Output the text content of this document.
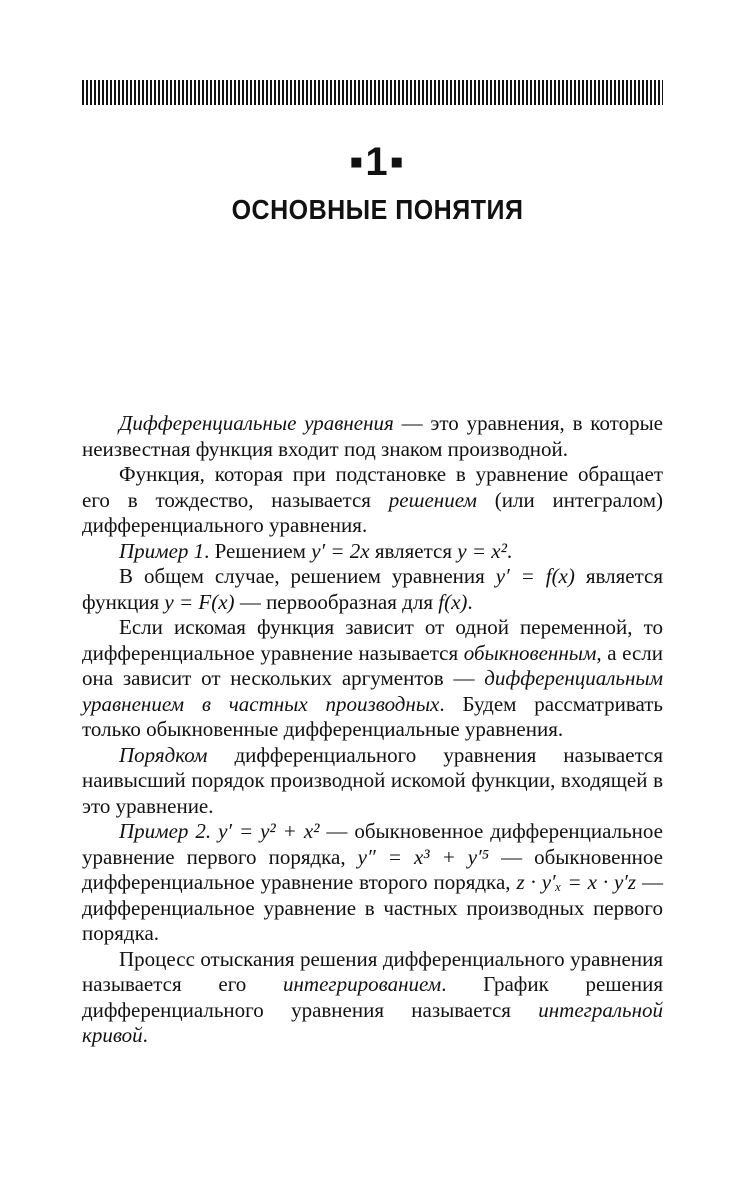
▪1▪
ОСНОВНЫЕ ПОНЯТИЯ

Дифференциальные уравнения — это уравнения, в которые неизвестная функция входит под знаком производной.

Функция, которая при подстановке в уравнение обращает его в тождество, называется решением (или интегралом) дифференциального уравнения.

Пример 1. Решением y′ = 2x является y = x².

В общем случае, решением уравнения y′ = f(x) является функция y = F(x) — первообразная для f(x).

Если искомая функция зависит от одной переменной, то дифференциальное уравнение называется обыкновенным, а если она зависит от нескольких аргументов — дифференциальным уравнением в частных производных. Будем рассматривать только обыкновенные дифференциальные уравнения.

Порядком дифференциального уравнения называется наивысший порядок производной искомой функции, входящей в это уравнение.

Пример 2. y′ = y² + x² — обыкновенное дифференциальное уравнение первого порядка, y″ = x³ + y′⁵ — обыкновенное дифференциальное уравнение второго порядка, z · y′ₓ = x · y′z — дифференциальное уравнение в частных производных первого порядка.

Процесс отыскания решения дифференциального уравнения называется его интегрированием. График решения дифференциального уравнения называется интегральной кривой.
